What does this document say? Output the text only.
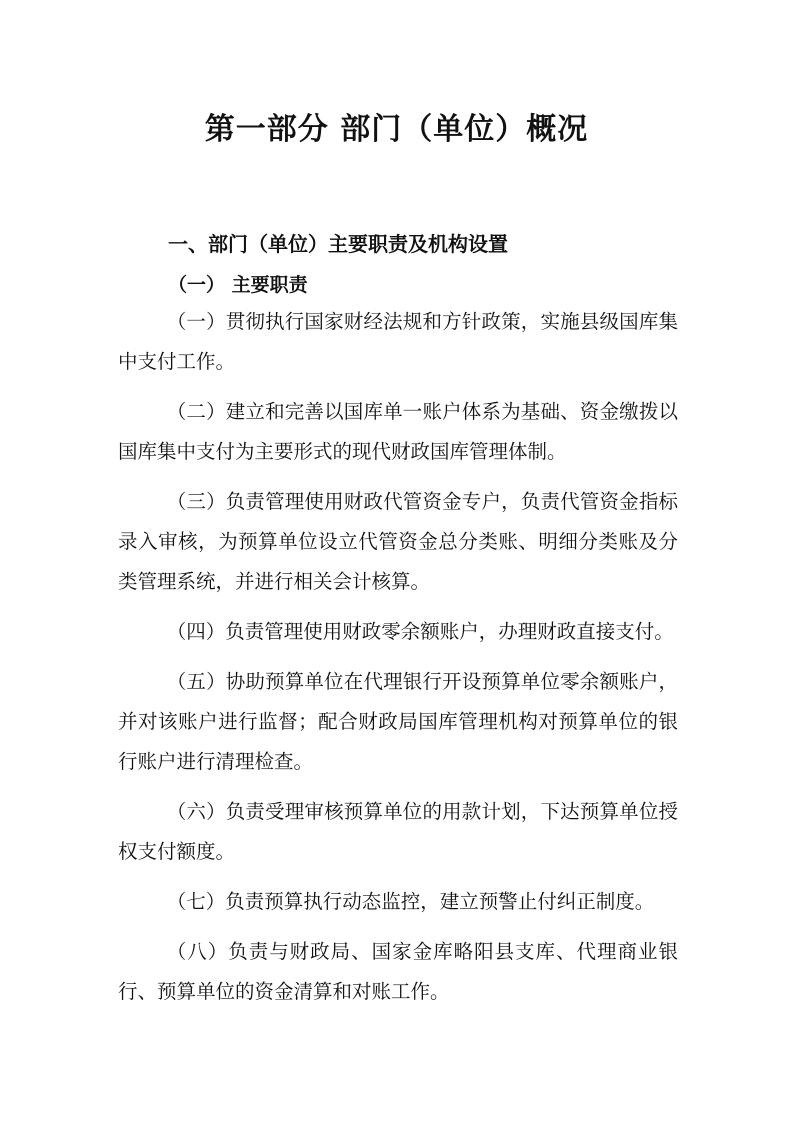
第一部分 部门（单位）概况
一、部门（单位）主要职责及机构设置
（一） 主要职责

（一）贯彻执行国家财经法规和方针政策，实施县级国库集中支付工作。

（二）建立和完善以国库单一账户体系为基础、资金缴拨以国库集中支付为主要形式的现代财政国库管理体制。

（三）负责管理使用财政代管资金专户，负责代管资金指标录入审核，为预算单位设立代管资金总分类账、明细分类账及分类管理系统，并进行相关会计核算。

（四）负责管理使用财政零余额账户，办理财政直接支付。

（五）协助预算单位在代理银行开设预算单位零余额账户，并对该账户进行监督；配合财政局国库管理机构对预算单位的银行账户进行清理检查。

（六）负责受理审核预算单位的用款计划，下达预算单位授权支付额度。

（七）负责预算执行动态监控，建立预警止付纠正制度。

（八）负责与财政局、国家金库略阳县支库、代理商业银行、预算单位的资金清算和对账工作。
